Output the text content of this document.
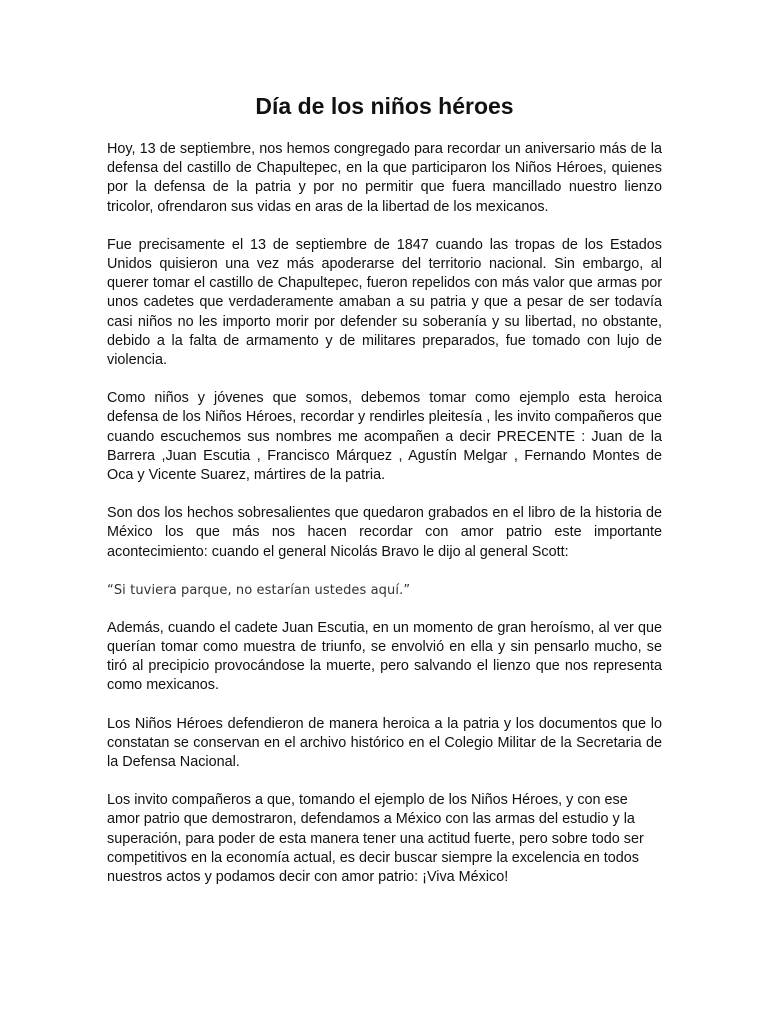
Día de los niños héroes

Hoy, 13 de septiembre, nos hemos congregado para recordar un aniversario más de la defensa del castillo de Chapultepec, en la que participaron los Niños Héroes, quienes por la defensa de la patria y por no permitir que fuera mancillado nuestro lienzo tricolor, ofrendaron sus vidas en aras de la libertad de los mexicanos.

Fue precisamente el 13 de septiembre de 1847 cuando las tropas de los Estados Unidos quisieron una vez más apoderarse del territorio nacional. Sin embargo, al querer tomar el castillo de Chapultepec, fueron repelidos con más valor que armas por unos cadetes que verdaderamente amaban a su patria y que a pesar de ser todavía casi niños no les importo morir por defender su soberanía y su libertad, no obstante, debido a la falta de armamento y de militares preparados, fue tomado con lujo de violencia.

Como niños y jóvenes que somos, debemos tomar como ejemplo esta heroica defensa de los Niños Héroes, recordar y rendirles pleitesía , les invito compañeros que cuando escuchemos sus nombres me acompañen a decir PRECENTE : Juan de la Barrera ,Juan Escutia , Francisco Márquez , Agustín Melgar , Fernando Montes de Oca y Vicente Suarez, mártires de la patria.

Son dos los hechos sobresalientes que quedaron grabados en el libro de la historia de México los que más nos hacen recordar con amor patrio este importante acontecimiento: cuando el general Nicolás Bravo le dijo al general Scott:

“Si tuviera parque, no estarían ustedes aquí.”

Además, cuando el cadete Juan Escutia, en un momento de gran heroísmo, al ver que querían tomar como muestra de triunfo, se envolvió en ella y sin pensarlo mucho, se tiró al precipicio provocándose la muerte, pero salvando el lienzo que nos representa como mexicanos.

Los Niños Héroes defendieron de manera heroica a la patria y los documentos que lo constatan se conservan en el archivo histórico en el Colegio Militar de la Secretaria de la Defensa Nacional.

Los invito compañeros a que, tomando el ejemplo de los Niños Héroes, y con ese amor patrio que demostraron, defendamos a México con las armas del estudio y la superación, para poder de esta manera tener una actitud fuerte, pero sobre todo ser competitivos en la economía actual, es decir buscar siempre la excelencia en todos nuestros actos y podamos decir con amor patrio: ¡Viva México!
